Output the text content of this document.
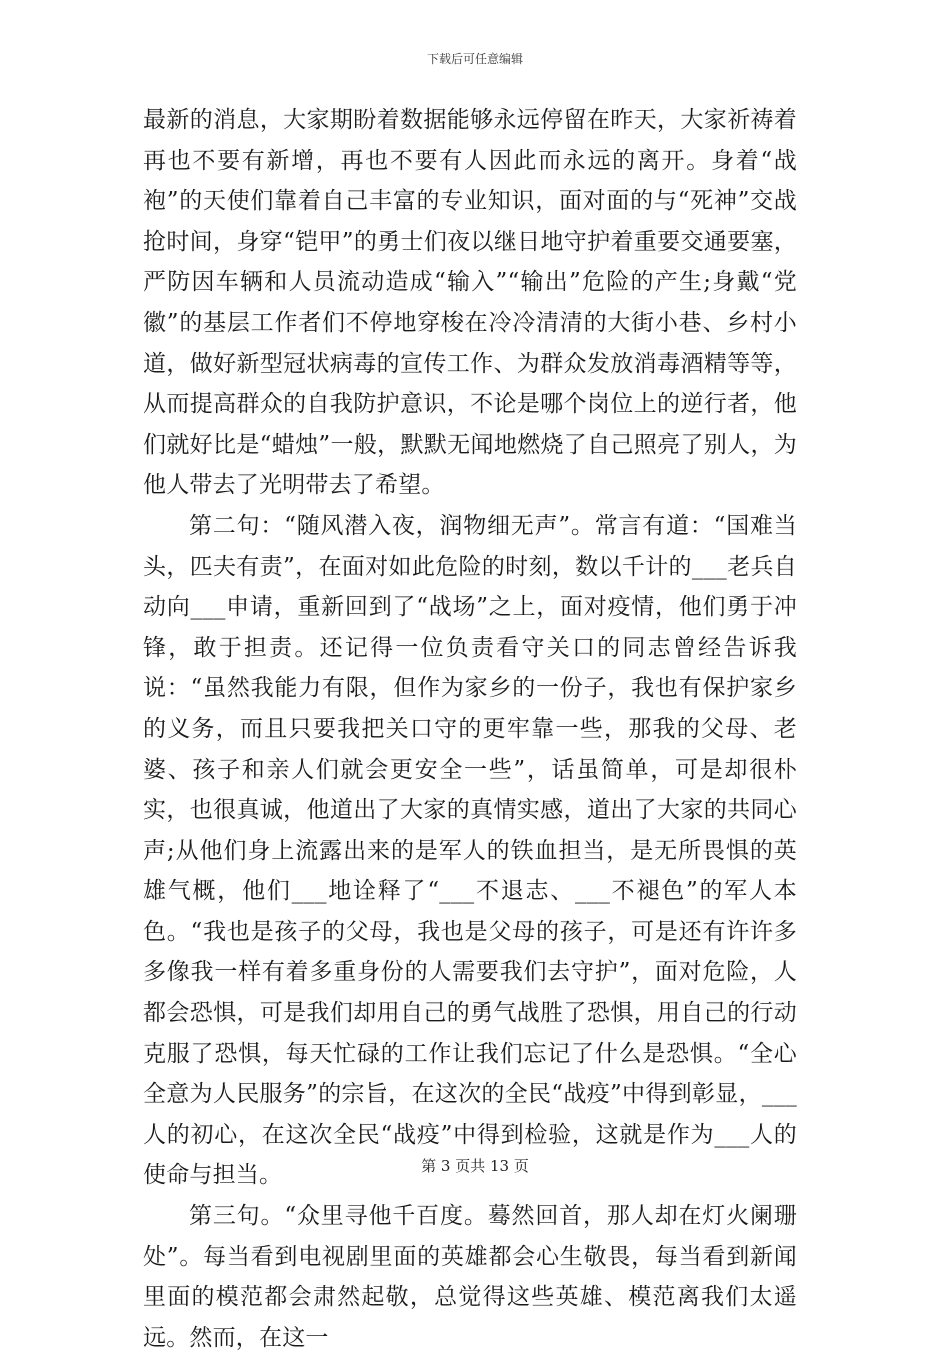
下载后可任意编辑

最新的消息，大家期盼着数据能够永远停留在昨天，大家祈祷着再也不要有新增，再也不要有人因此而永远的离开。身着“战袍”的天使们靠着自己丰富的专业知识，面对面的与“死神”交战抢时间，身穿“铠甲”的勇士们夜以继日地守护着重要交通要塞，严防因车辆和人员流动造成“输入”“输出”危险的产生;身戴“党徽”的基层工作者们不停地穿梭在冷冷清清的大街小巷、乡村小道，做好新型冠状病毒的宣传工作、为群众发放消毒酒精等等，从而提高群众的自我防护意识，不论是哪个岗位上的逆行者，他们就好比是“蜡烛”一般，默默无闻地燃烧了自己照亮了别人，为他人带去了光明带去了希望。

第二句：“随风潜入夜，润物细无声”。常言有道：“国难当头，匹夫有责”，在面对如此危险的时刻，数以千计的___老兵自动向___申请，重新回到了“战场”之上，面对疫情，他们勇于冲锋，敢于担责。还记得一位负责看守关口的同志曾经告诉我说：“虽然我能力有限，但作为家乡的一份子，我也有保护家乡的义务，而且只要我把关口守的更牢靠一些，那我的父母、老婆、孩子和亲人们就会更安全一些”，话虽简单，可是却很朴实，也很真诚，他道出了大家的真情实感，道出了大家的共同心声;从他们身上流露出来的是军人的铁血担当，是无所畏惧的英雄气概，他们___地诠释了“___不退志、___不褪色”的军人本色。“我也是孩子的父母，我也是父母的孩子，可是还有许许多多像我一样有着多重身份的人需要我们去守护”，面对危险，人都会恐惧，可是我们却用自己的勇气战胜了恐惧，用自己的行动克服了恐惧，每天忙碌的工作让我们忘记了什么是恐惧。“全心全意为人民服务”的宗旨，在这次的全民“战疫”中得到彰显，___人的初心，在这次全民“战疫”中得到检验，这就是作为___人的使命与担当。

第三句。“众里寻他千百度。蓦然回首，那人却在灯火阑珊处”。每当看到电视剧里面的英雄都会心生敬畏，每当看到新闻里面的模范都会肃然起敬，总觉得这些英雄、模范离我们太遥远。然而，在这一

第 3 页共 13 页
